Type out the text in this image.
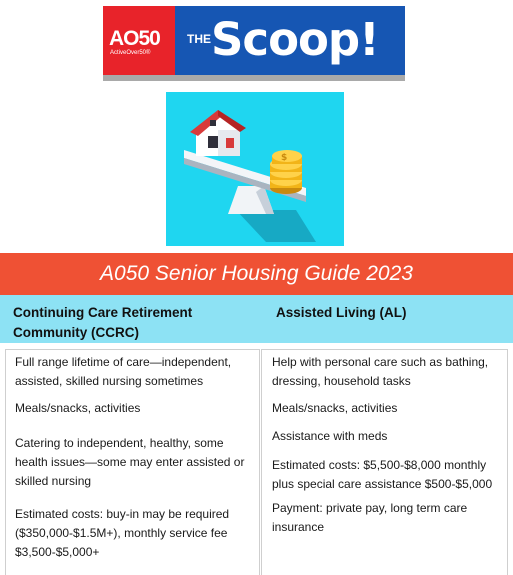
AO50
ActiveOver50®
THE Scoop!
$
A050 Senior Housing Guide 2023
Continuing Care Retirement Community (CCRC)
Assisted Living (AL)
Full range lifetime of care—independent, assisted, skilled nursing sometimes
Meals/snacks, activities
Catering to independent, healthy, some health issues—some may enter assisted or skilled nursing
Estimated costs: buy-in may be required ($350,000-$1.5M+), monthly service fee $3,500-$5,000+
Help with personal care such as bathing, dressing, household tasks
Meals/snacks, activities
Assistance with meds
Estimated costs: $5,500-$8,000 monthly plus special care assistance $500-$5,000
Payment: private pay, long term care insurance
